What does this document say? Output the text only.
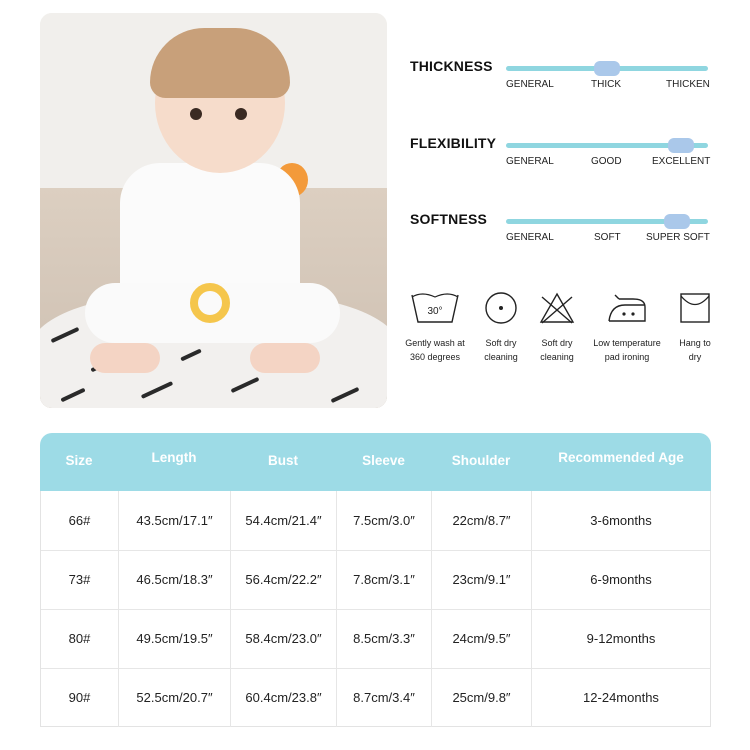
THICKNESS
GENERAL	THICK	THICKEN
FLEXIBILITY
GENERAL	GOOD	EXCELLENT
SOFTNESS
GENERAL	SOFT	SUPER SOFT
30°
Gently wash at
360 degrees
Soft dry
cleaning
Soft dry
cleaning
Low temperature
pad ironing
Hang to
dry
Size	Length	Bust	Sleeve	Shoulder	Recommended Age
66#	43.5cm/17.1″	54.4cm/21.4″	7.5cm/3.0″	22cm/8.7″	3-6months
73#	46.5cm/18.3″	56.4cm/22.2″	7.8cm/3.1″	23cm/9.1″	6-9months
80#	49.5cm/19.5″	58.4cm/23.0″	8.5cm/3.3″	24cm/9.5″	9-12months
90#	52.5cm/20.7″	60.4cm/23.8″	8.7cm/3.4″	25cm/9.8″	12-24months
